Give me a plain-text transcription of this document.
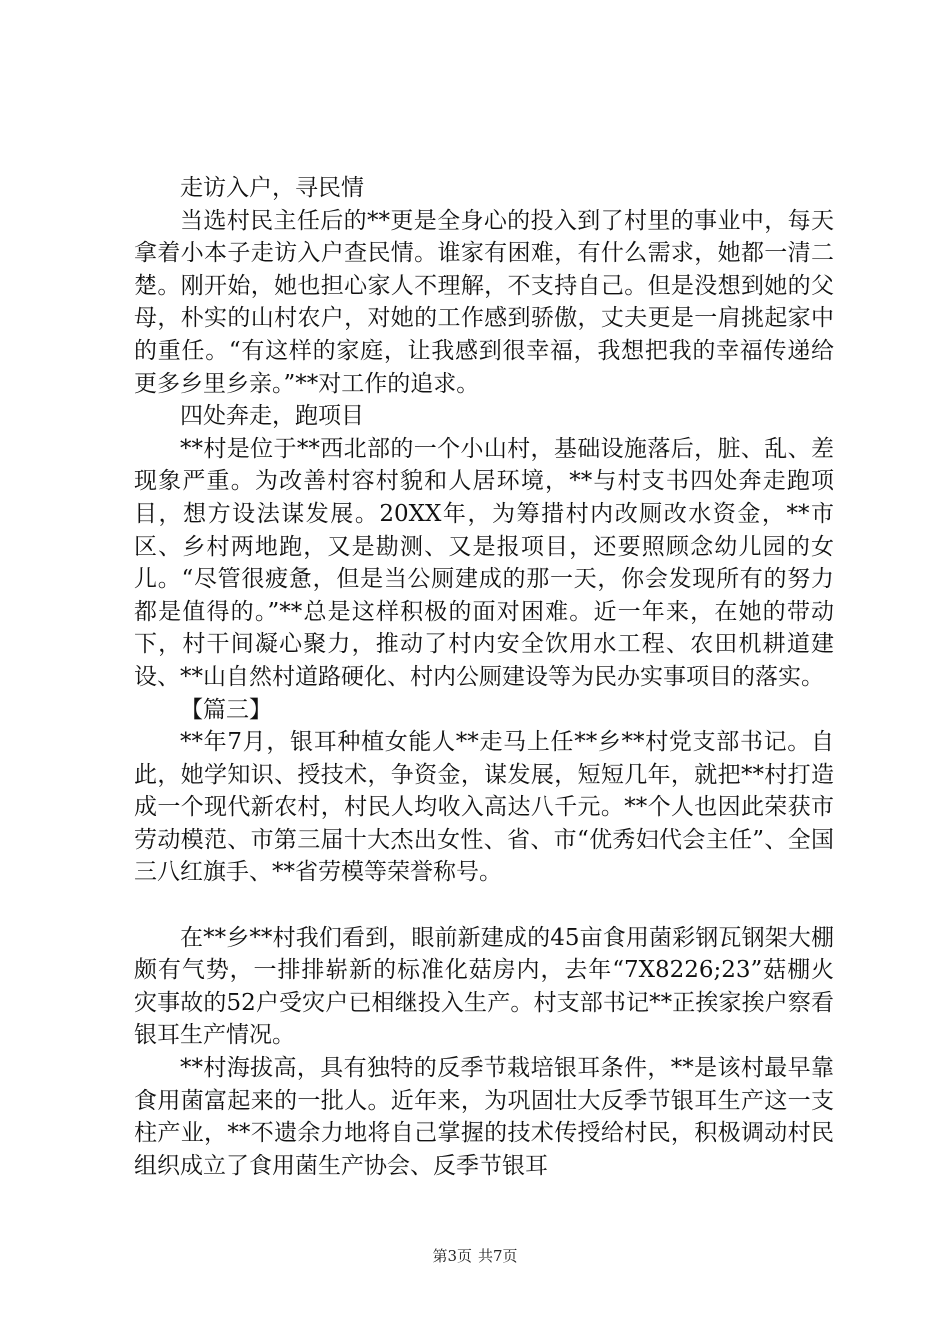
走访入户，寻民情

当选村民主任后的**更是全身心的投入到了村里的事业中，每天拿着小本子走访入户查民情。谁家有困难，有什么需求，她都一清二楚。刚开始，她也担心家人不理解，不支持自己。但是没想到她的父母，朴实的山村农户，对她的工作感到骄傲，丈夫更是一肩挑起家中的重任。“有这样的家庭，让我感到很幸福，我想把我的幸福传递给更多乡里乡亲。”**对工作的追求。

四处奔走，跑项目

**村是位于**西北部的一个小山村，基础设施落后，脏、乱、差现象严重。为改善村容村貌和人居环境，**与村支书四处奔走跑项目，想方设法谋发展。20XX年，为筹措村内改厕改水资金，**市区、乡村两地跑，又是勘测、又是报项目，还要照顾念幼儿园的女儿。“尽管很疲惫，但是当公厕建成的那一天，你会发现所有的努力都是值得的。”**总是这样积极的面对困难。近一年来，在她的带动下，村干间凝心聚力，推动了村内安全饮用水工程、农田机耕道建设、**山自然村道路硬化、村内公厕建设等为民办实事项目的落实。

【篇三】

**年7月，银耳种植女能人**走马上任**乡**村党支部书记。自此，她学知识、授技术，争资金，谋发展，短短几年，就把**村打造成一个现代新农村，村民人均收入高达八千元。**个人也因此荣获市劳动模范、市第三届十大杰出女性、省、市“优秀妇代会主任”、全国三八红旗手、**省劳模等荣誉称号。

在**乡**村我们看到，眼前新建成的45亩食用菌彩钢瓦钢架大棚颇有气势，一排排崭新的标准化菇房内，去年“7X8226;23”菇棚火灾事故的52户受灾户已相继投入生产。村支部书记**正挨家挨户察看银耳生产情况。

**村海拔高，具有独特的反季节栽培银耳条件，**是该村最早靠食用菌富起来的一批人。近年来，为巩固壮大反季节银耳生产这一支柱产业，**不遗余力地将自己掌握的技术传授给村民，积极调动村民组织成立了食用菌生产协会、反季节银耳

第3页 共7页
